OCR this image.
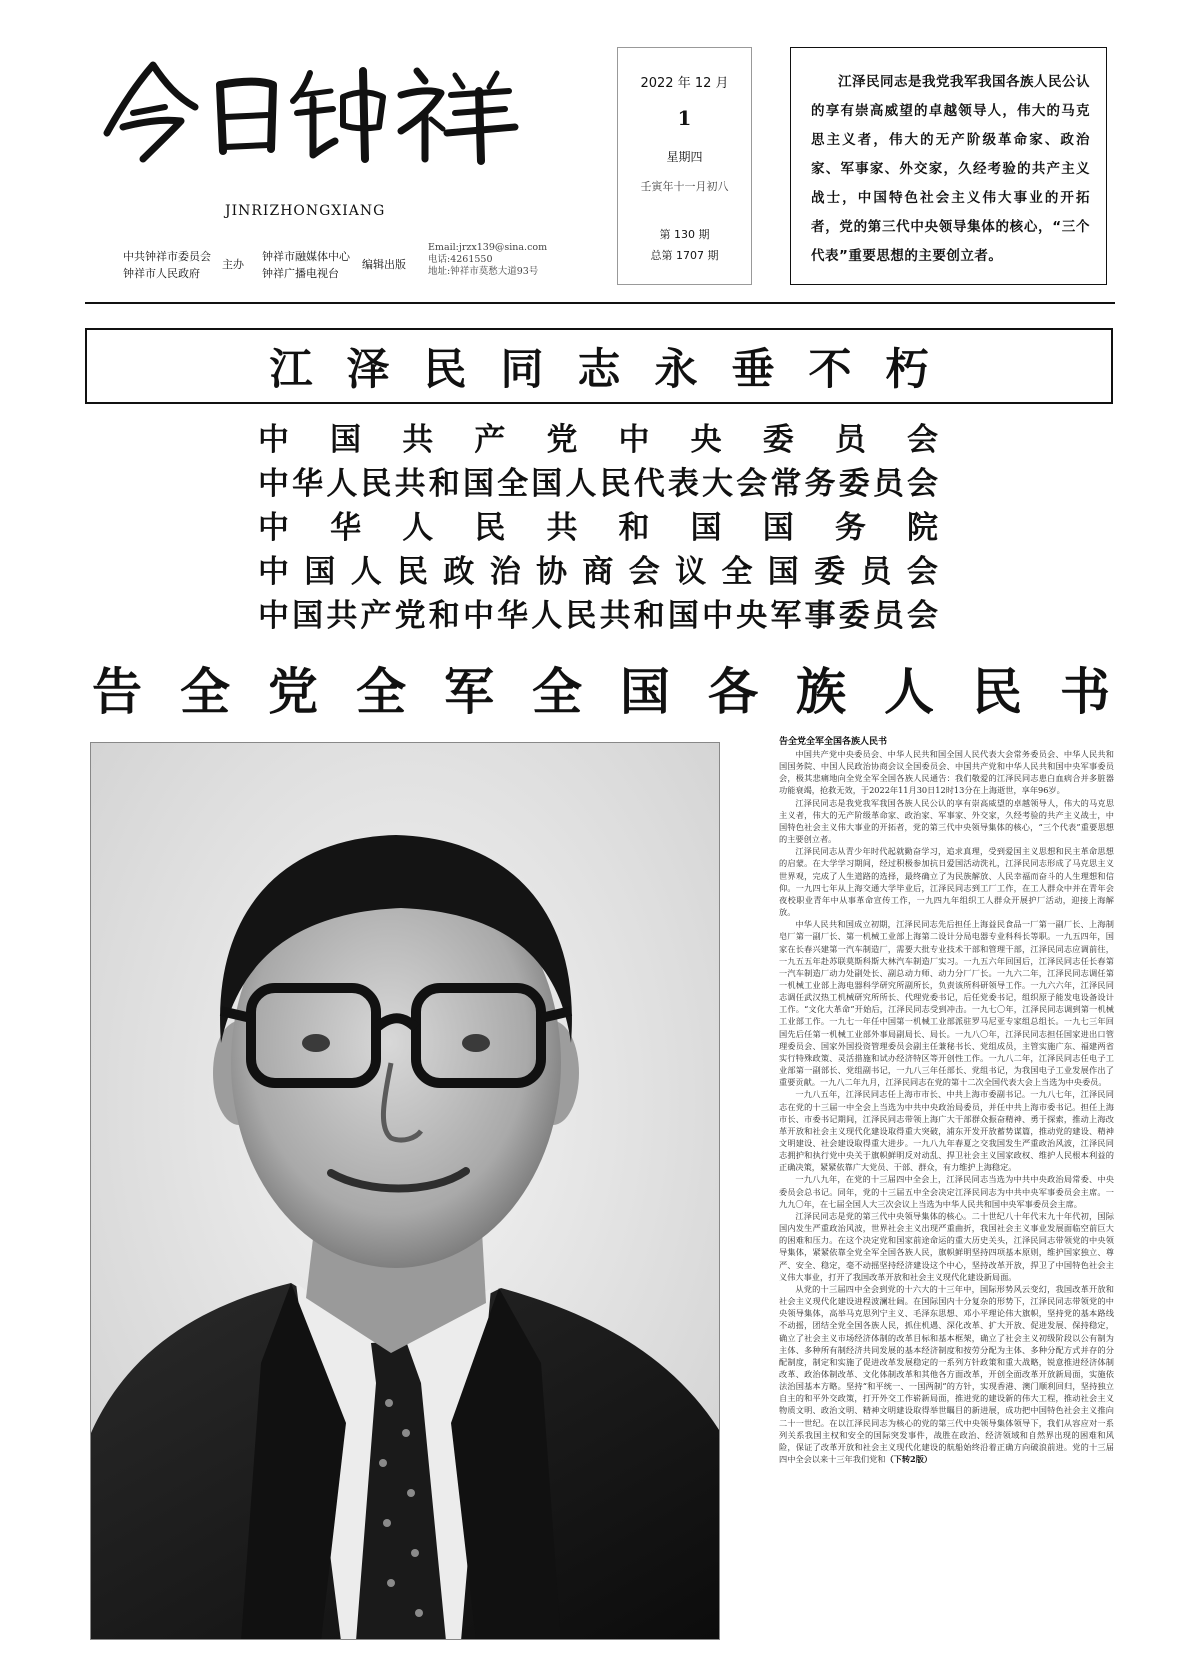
JINRIZHONGXIANG
中共钟祥市委员会
钟祥市人民政府
主办
钟祥市融媒体中心
钟祥广播电视台
编辑出版
Email:jrzx139@sina.com
电话:4261550
地址:钟祥市莫愁大道93号
2022 年 12 月
1
星期四
壬寅年十一月初八
第 130 期
总第 1707 期

江泽民同志是我党我军我国各族人民公认的享有崇高威望的卓越领导人，伟大的马克思主义者，伟大的无产阶级革命家、政治家、军事家、外交家，久经考验的共产主义战士，中国特色社会主义伟大事业的开拓者，党的第三代中央领导集体的核心，“三个代表”重要思想的主要创立者。

江泽民同志永垂不朽
中 国 共 产 党 中 央 委 员 会
中 华 人 民 共 和 国 全 国 人 民 代 表 大 会 常 务 委 员 会
中 华 人 民 共 和 国 国 务 院
中 国 人 民 政 治 协 商 会 议 全 国 委 员 会
中 国 共 产 党 和 中 华 人 民 共 和 国 中 央 军 事 委 员 会
告 全 党 全 军 全 国 各 族 人 民 书
告全党全军全国各族人民书

中国共产党中央委员会、中华人民共和国全国人民代表大会常务委员会、中华人民共和国国务院、中国人民政治协商会议全国委员会、中国共产党和中华人民共和国中央军事委员会，极其悲痛地向全党全军全国各族人民通告：我们敬爱的江泽民同志患白血病合并多脏器功能衰竭，抢救无效，于2022年11月30日12时13分在上海逝世，享年96岁。

江泽民同志是我党我军我国各族人民公认的享有崇高威望的卓越领导人，伟大的马克思主义者，伟大的无产阶级革命家、政治家、军事家、外交家，久经考验的共产主义战士，中国特色社会主义伟大事业的开拓者，党的第三代中央领导集体的核心，“三个代表”重要思想的主要创立者。

江泽民同志从青少年时代起就勤奋学习，追求真理，受到爱国主义思想和民主革命思想的启蒙。在大学学习期间，经过积极参加抗日爱国活动洗礼，江泽民同志形成了马克思主义世界观，完成了人生道路的选择，最终确立了为民族解放、人民幸福而奋斗的人生理想和信仰。一九四七年从上海交通大学毕业后，江泽民同志到工厂工作，在工人群众中并在青年会夜校职业青年中从事革命宣传工作，一九四九年组织工人群众开展护厂活动，迎接上海解放。

中华人民共和国成立初期，江泽民同志先后担任上海益民食品一厂第一副厂长、上海制皂厂第一副厂长、第一机械工业部上海第二设计分局电器专业科科长等职。一九五四年，国家在长春兴建第一汽车制造厂，需要大批专业技术干部和管理干部，江泽民同志应调前往，一九五五年赴苏联莫斯科斯大林汽车制造厂实习。一九五六年回国后，江泽民同志任长春第一汽车制造厂动力处副处长、副总动力师、动力分厂厂长。一九六二年，江泽民同志调任第一机械工业部上海电器科学研究所副所长，负责该所科研领导工作。一九六六年，江泽民同志调任武汉热工机械研究所所长、代理党委书记，后任党委书记，组织原子能发电设备设计工作。“文化大革命”开始后，江泽民同志受到冲击。一九七〇年，江泽民同志调到第一机械工业部工作。一九七一年任中国第一机械工业部派驻罗马尼亚专家组总组长。一九七三年回国先后任第一机械工业部外事局副局长、局长。一九八〇年，江泽民同志担任国家进出口管理委员会、国家外国投资管理委员会副主任兼秘书长、党组成员，主管实施广东、福建两省实行特殊政策、灵活措施和试办经济特区等开创性工作。一九八二年，江泽民同志任电子工业部第一副部长、党组副书记，一九八三年任部长、党组书记，为我国电子工业发展作出了重要贡献。一九八二年九月，江泽民同志在党的第十二次全国代表大会上当选为中央委员。

一九八五年，江泽民同志任上海市市长、中共上海市委副书记。一九八七年，江泽民同志在党的十三届一中全会上当选为中共中央政治局委员，并任中共上海市委书记。担任上海市长、市委书记期间，江泽民同志带领上海广大干部群众振奋精神、勇于探索，推动上海改革开放和社会主义现代化建设取得重大突破，浦东开发开放蓄势谋篇，推动党的建设、精神文明建设、社会建设取得重大进步。一九八九年春夏之交我国发生严重政治风波，江泽民同志拥护和执行党中央关于旗帜鲜明反对动乱、捍卫社会主义国家政权、维护人民根本利益的正确决策，紧紧依靠广大党员、干部、群众，有力维护上海稳定。

一九八九年，在党的十三届四中全会上，江泽民同志当选为中共中央政治局常委、中央委员会总书记。同年，党的十三届五中全会决定江泽民同志为中共中央军事委员会主席。一九九〇年，在七届全国人大三次会议上当选为中华人民共和国中央军事委员会主席。

江泽民同志是党的第三代中央领导集体的核心。二十世纪八十年代末九十年代初，国际国内发生严重政治风波，世界社会主义出现严重曲折，我国社会主义事业发展面临空前巨大的困难和压力。在这个决定党和国家前途命运的重大历史关头，江泽民同志带领党的中央领导集体，紧紧依靠全党全军全国各族人民，旗帜鲜明坚持四项基本原则，维护国家独立、尊严、安全、稳定，毫不动摇坚持经济建设这个中心，坚持改革开放，捍卫了中国特色社会主义伟大事业，打开了我国改革开放和社会主义现代化建设新局面。

从党的十三届四中全会到党的十六大的十三年中，国际形势风云变幻，我国改革开放和社会主义现代化建设进程波澜壮阔。在国际国内十分复杂的形势下，江泽民同志带领党的中央领导集体，高举马克思列宁主义、毛泽东思想、邓小平理论伟大旗帜，坚持党的基本路线不动摇，团结全党全国各族人民，抓住机遇、深化改革、扩大开放、促进发展、保持稳定，确立了社会主义市场经济体制的改革目标和基本框架，确立了社会主义初级阶段以公有制为主体、多种所有制经济共同发展的基本经济制度和按劳分配为主体、多种分配方式并存的分配制度，制定和实施了促进改革发展稳定的一系列方针政策和重大战略，锐意推进经济体制改革、政治体制改革、文化体制改革和其他各方面改革，开创全面改革开放新局面，实施依法治国基本方略。坚持“和平统一、一国两制”的方针，实现香港、澳门顺利回归，坚持独立自主的和平外交政策，打开外交工作崭新局面，推进党的建设新的伟大工程，推动社会主义物质文明、政治文明、精神文明建设取得举世瞩目的新进展，成功把中国特色社会主义推向二十一世纪。在以江泽民同志为核心的党的第三代中央领导集体领导下，我们从容应对一系列关系我国主权和安全的国际突发事件，战胜在政治、经济领域和自然界出现的困难和风险，保证了改革开放和社会主义现代化建设的航船始终沿着正确方向破浪前进。党的十三届四中全会以来十三年我们党和（下转2版）
